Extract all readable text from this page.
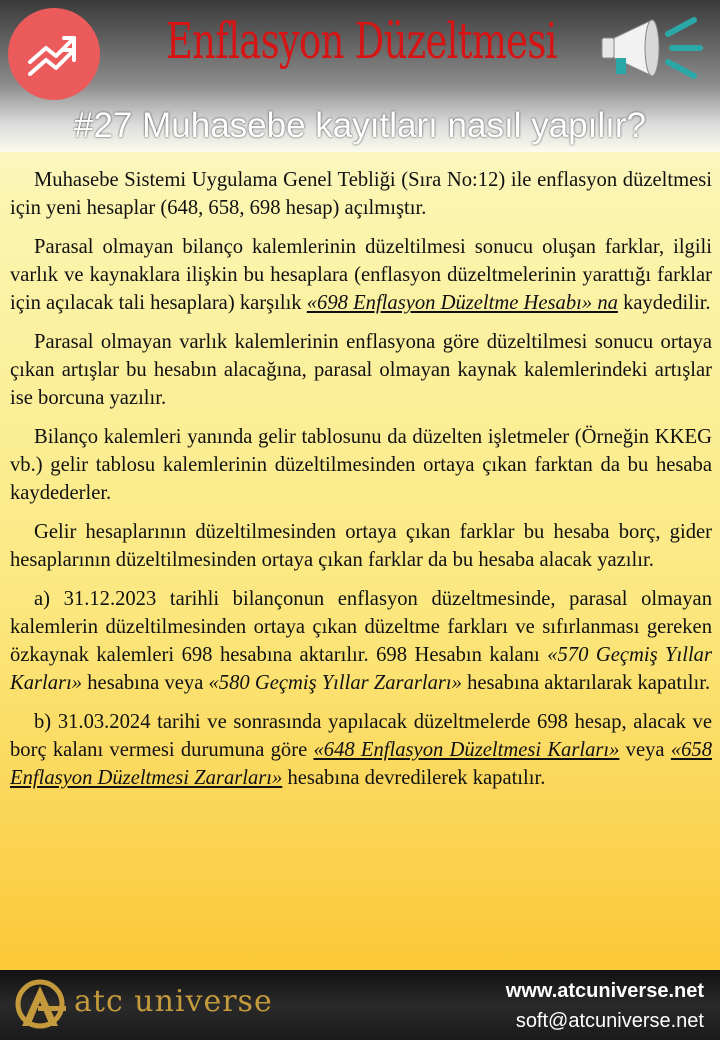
Enflasyon Düzeltmesi
#27 Muhasebe kayıtları nasıl yapılır?

Muhasebe Sistemi Uygulama Genel Tebliği (Sıra No:12) ile enflasyon düzeltmesi için yeni hesaplar (648, 658, 698 hesap) açılmıştır.

Parasal olmayan bilanço kalemlerinin düzeltilmesi sonucu oluşan farklar, ilgili varlık ve kaynaklara ilişkin bu hesaplara (enflasyon düzeltmelerinin yarattığı farklar için açılacak tali hesaplara) karşılık «698 Enflasyon Düzeltme Hesabı» na kaydedilir.

Parasal olmayan varlık kalemlerinin enflasyona göre düzeltilmesi sonucu ortaya çıkan artışlar bu hesabın alacağına, parasal olmayan kaynak kalemlerindeki artışlar ise borcuna yazılır.

Bilanço kalemleri yanında gelir tablosunu da düzelten işletmeler (Örneğin KKEG vb.) gelir tablosu kalemlerinin düzeltilmesinden ortaya çıkan farktan da bu hesaba kaydederler.

Gelir hesaplarının düzeltilmesinden ortaya çıkan farklar bu hesaba borç, gider hesaplarının düzeltilmesinden ortaya çıkan farklar da bu hesaba alacak yazılır.

a) 31.12.2023 tarihli bilançonun enflasyon düzeltmesinde, parasal olmayan kalemlerin düzeltilmesinden ortaya çıkan düzeltme farkları ve sıfırlanması gereken özkaynak kalemleri 698 hesabına aktarılır. 698 Hesabın kalanı «570 Geçmiş Yıllar Karları» hesabına veya «580 Geçmiş Yıllar Zararları» hesabına aktarılarak kapatılır.

b) 31.03.2024 tarihi ve sonrasında yapılacak düzeltmelerde 698 hesap, alacak ve borç kalanı vermesi durumuna göre «648 Enflasyon Düzeltmesi Karları» veya «658 Enflasyon Düzeltmesi Zararları» hesabına devredilerek kapatılır.

atc universe	www.atcuniverse.net
soft@atcuniverse.net
